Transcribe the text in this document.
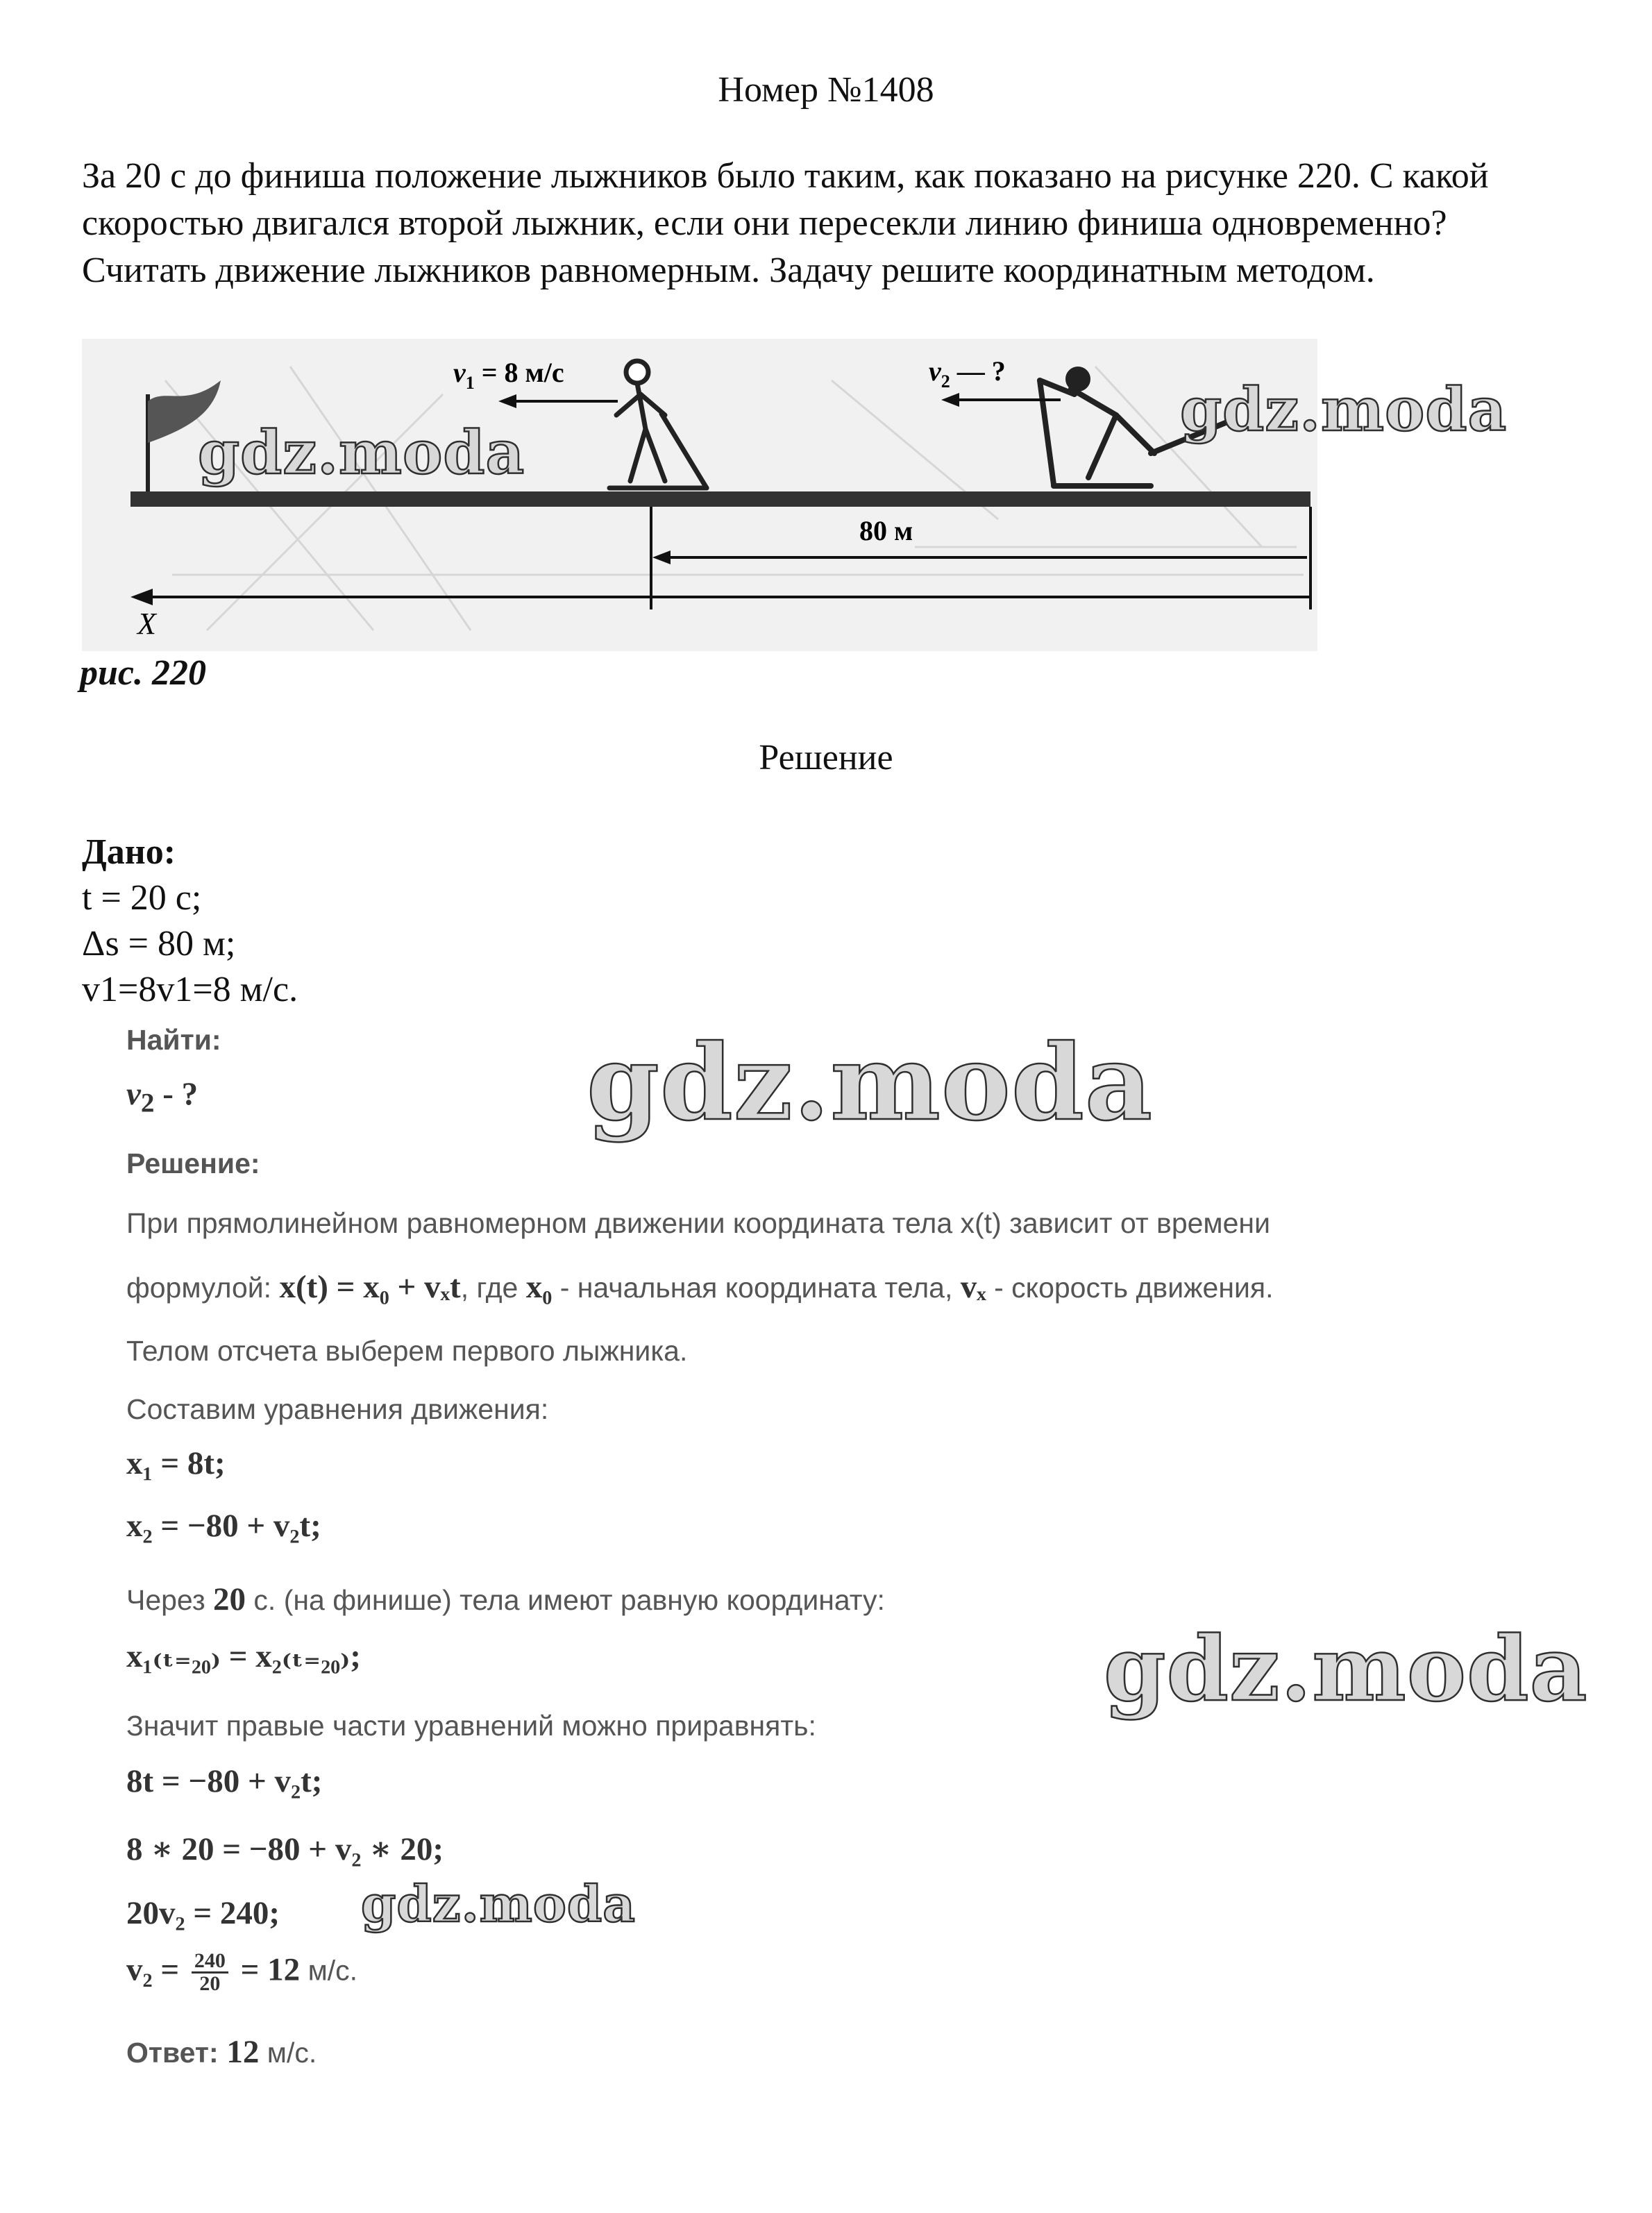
Номер №1408
За 20 с до финиша положение лыжников было таким, как показано на рисунке 220. С какой скоростью двигался второй лыжник, если они пересекли линию финиша одновременно? Считать движение лыжников равномерным. Задачу решите координатным методом.
$v_1 = 8$ м/с	$v_2$ — ?
80 м
X
рис. 220
Решение
Дано:
t = 20 с;
Δs = 80 м;
v1=8v1=8 м/с.
Найти:
$v_2$ - ?
Решение:
При прямолинейном равномерном движении координата тела x(t) зависит от времени
формулой: x(t) = x₀ + vₓt, где x₀ - начальная координата тела, vₓ - скорость движения.
Телом отсчета выберем первого лыжника.
Составим уравнения движения:
x₁ = 8t;
x₂ = −80 + v₂t;
Через 20 с. (на финише) тела имеют равную координату:
x₁₍ₜ₌₂₀₎ = x₂₍ₜ₌₂₀₎;
Значит правые части уравнений можно приравнять:
8t = −80 + v₂t;
8 ∗ 20 = −80 + v₂ ∗ 20;
20v₂ = 240;
$v_2 = \frac{240}{20} = 12$ м/с.
Ответ: 12 м/с.
gdz.moda
gdz.moda
gdz.moda
gdz.moda
gdz.moda
